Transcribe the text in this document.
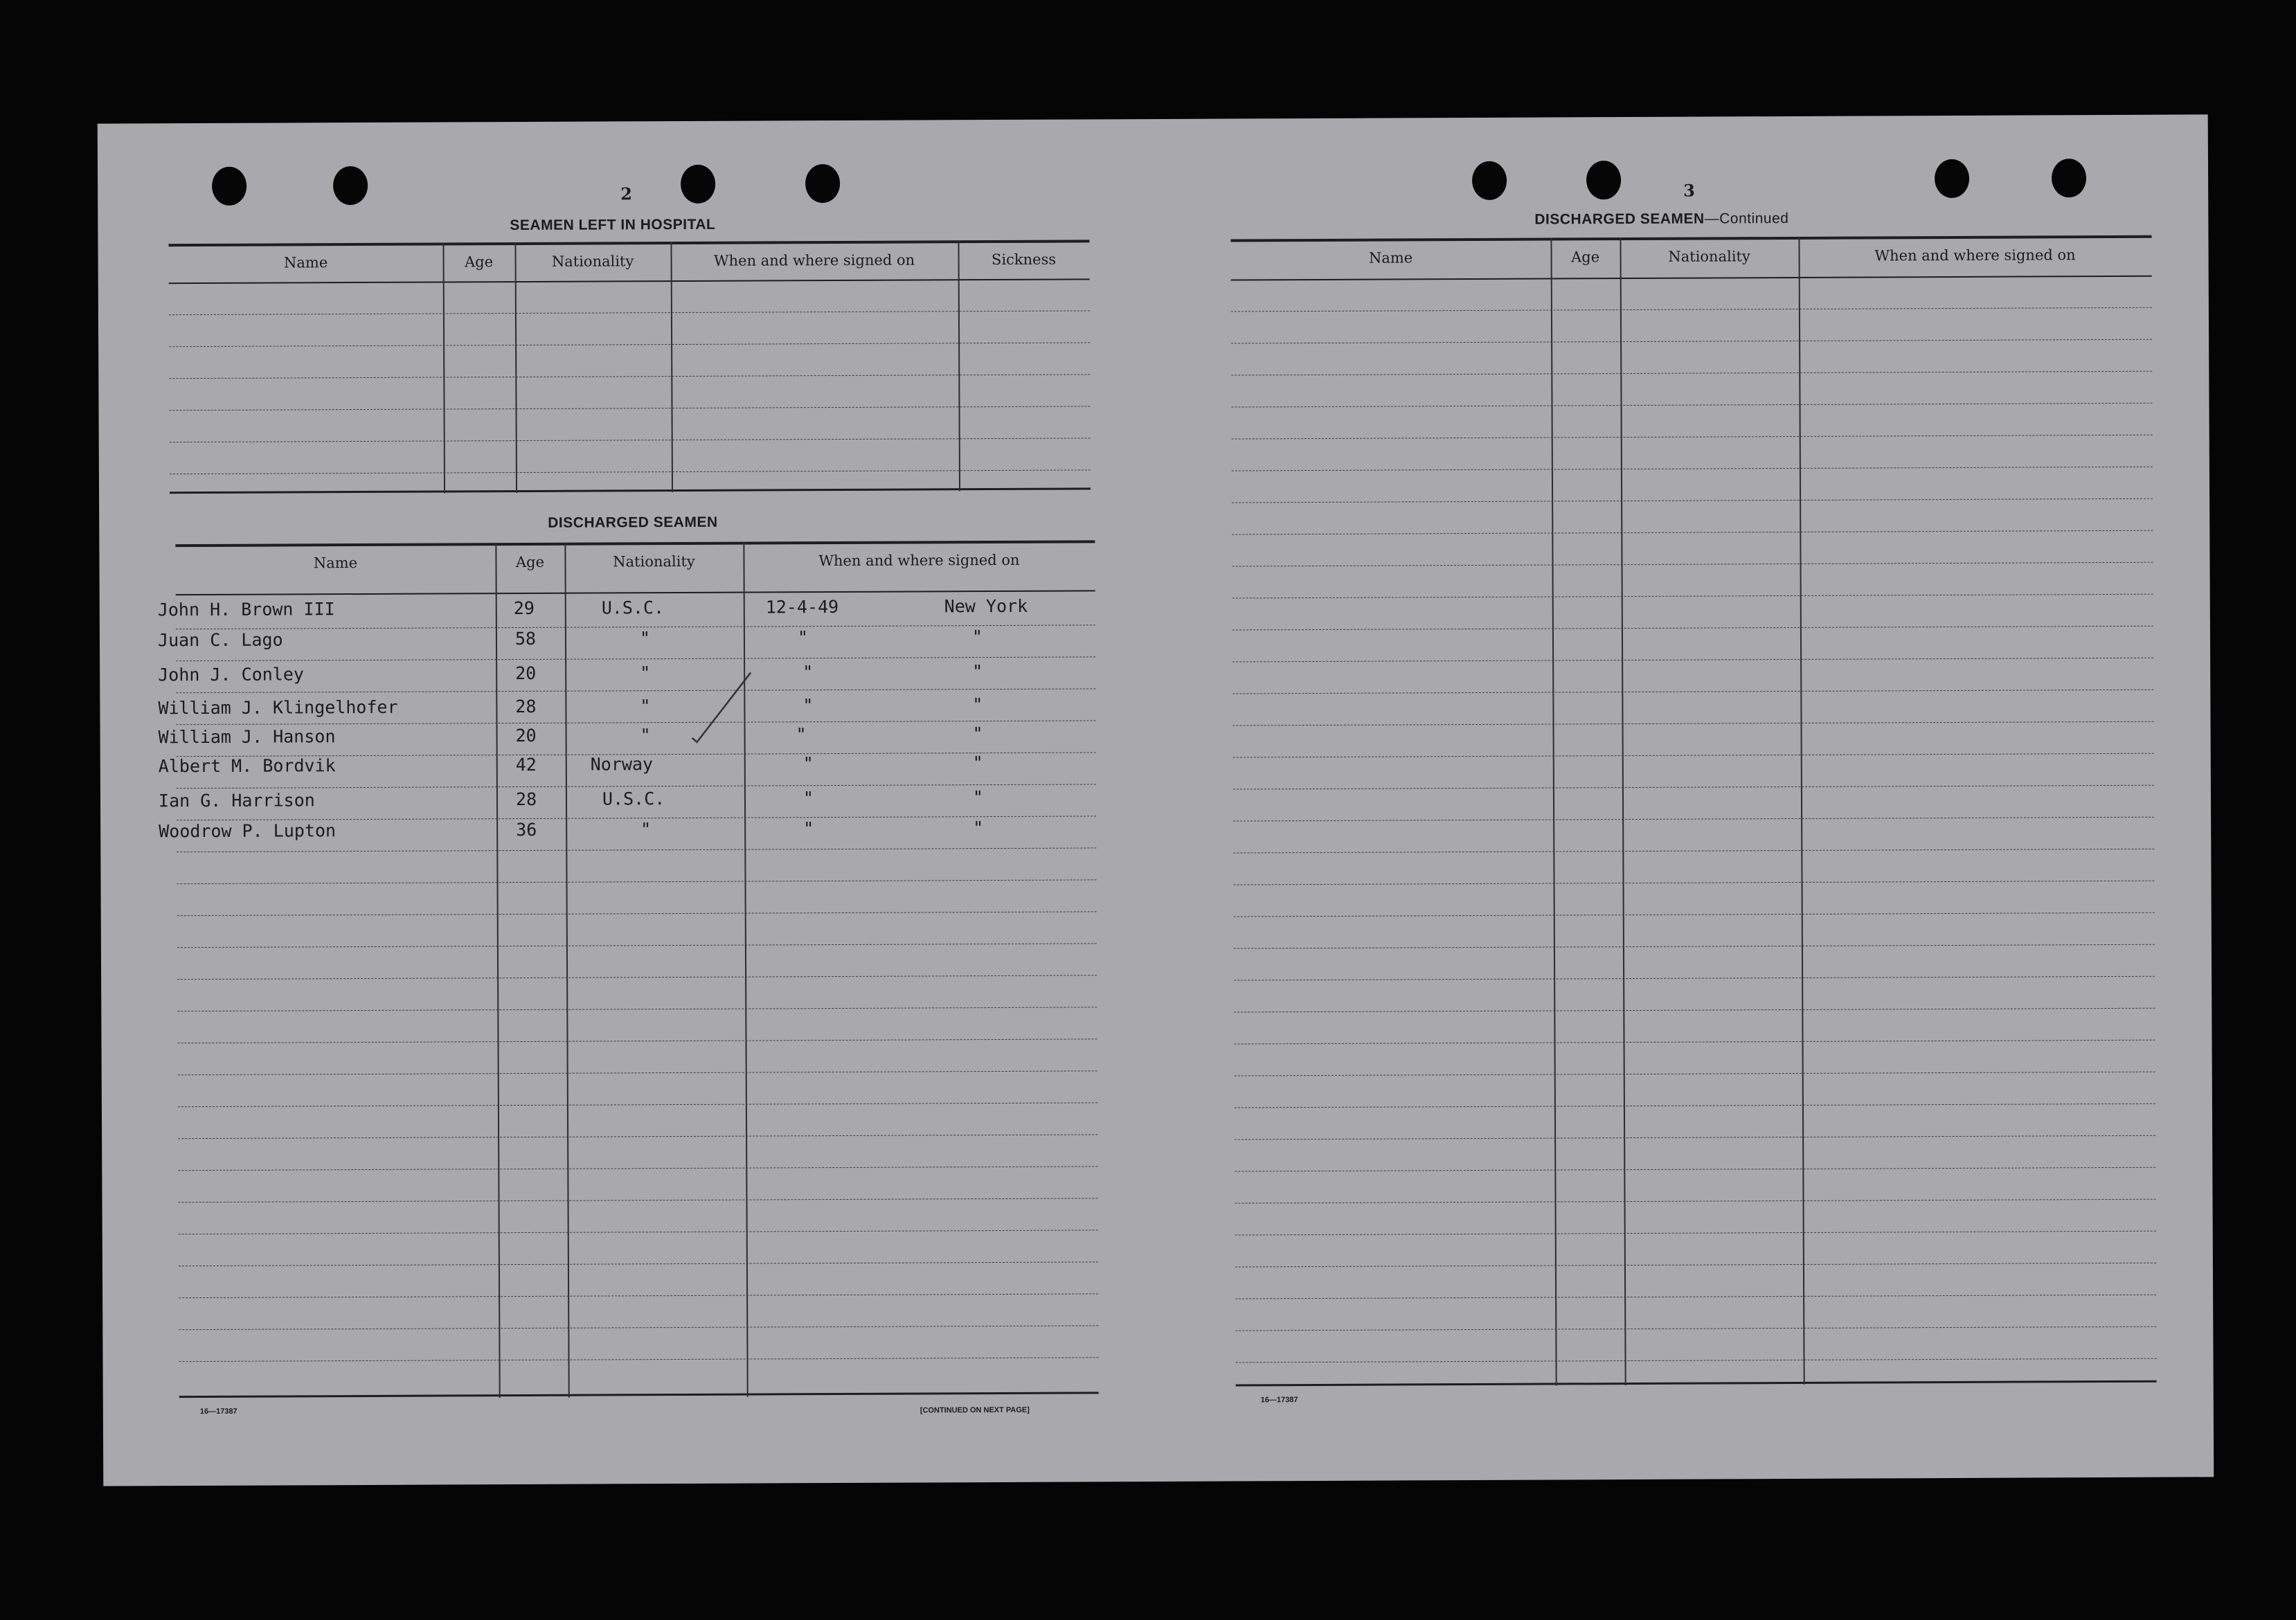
2
SEAMEN LEFT IN HOSPITAL
Name	Age	Nationality	When and where signed on	Sickness
DISCHARGED SEAMEN
Name	Age	Nationality	When and where signed on
John H. Brown III	29	U.S.C.	12-4-49	New York
Juan C. Lago	58	"	"	"
John J. Conley	20	"	"	"
William J. Klingelhofer	28	"	"	"
William J. Hanson	20	"	"	"
Albert M. Bordvik	42	Norway	"	"
Ian G. Harrison	28	U.S.C.	"	"
Woodrow P. Lupton	36	"	"	"
16—17387	[CONTINUED ON NEXT PAGE]
3
DISCHARGED SEAMEN—Continued
Name	Age	Nationality	When and where signed on
16—17387
